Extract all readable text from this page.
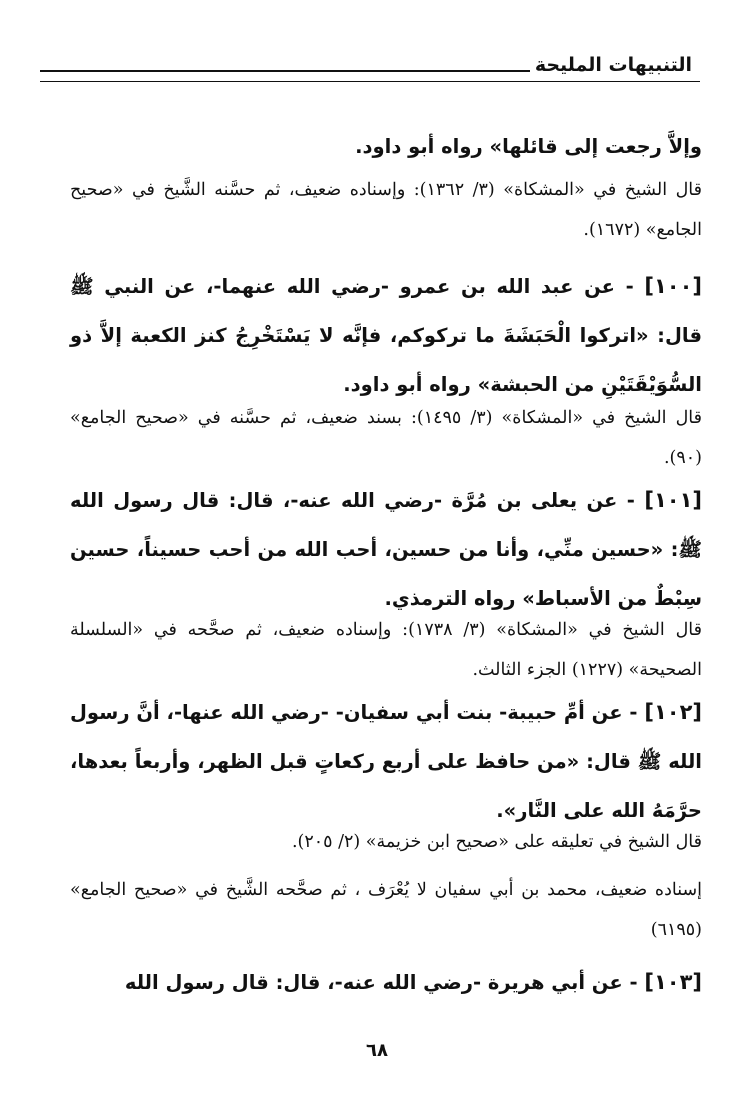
التنبيهات المليحة
وإلاَّ رجعت إلى قائلها» رواه أبو داود.
قال الشيخ في «المشكاة» (٣/ ١٣٦٢): وإسناده ضعيف، ثم حسَّنه الشَّيخ في «صحيح الجامع» (١٦٧٢).
[١٠٠] - عن عبد الله بن عمرو -رضي الله عنهما-، عن النبي ﷺ قال: «اتركوا الْحَبَشَةَ ما تركوكم، فإنَّه لا يَسْتَخْرِجُ كنز الكعبة إلاَّ ذو السُّوَيْقَتَيْنِ من الحبشة» رواه أبو داود.
قال الشيخ في «المشكاة» (٣/ ١٤٩٥): بسند ضعيف، ثم حسَّنه في «صحيح الجامع» (٩٠).
[١٠١] - عن يعلى بن مُرَّة -رضي الله عنه-، قال: قال رسول الله ﷺ: «حسين منِّي، وأنا من حسين، أحب الله من أحب حسيناً، حسين سِبْطٌ من الأسباط» رواه الترمذي.
قال الشيخ في «المشكاة» (٣/ ١٧٣٨): وإسناده ضعيف، ثم صحَّحه في «السلسلة الصحيحة» (١٢٢٧) الجزء الثالث.
[١٠٢] - عن أمِّ حبيبة- بنت أبي سفيان- -رضي الله عنها-، أنَّ رسول الله ﷺ قال: «من حافظ على أربع ركعاتٍ قبل الظهر، وأربعاً بعدها، حرَّمَهُ الله على النَّار».
قال الشيخ في تعليقه على «صحيح ابن خزيمة» (٢/ ٢٠٥).
إسناده ضعيف، محمد بن أبي سفيان لا يُعْرَف ، ثم صحَّحه الشَّيخ في «صحيح الجامع» (٦١٩٥)
[١٠٣] - عن أبي هريرة -رضي الله عنه-، قال: قال رسول الله
٦٨
